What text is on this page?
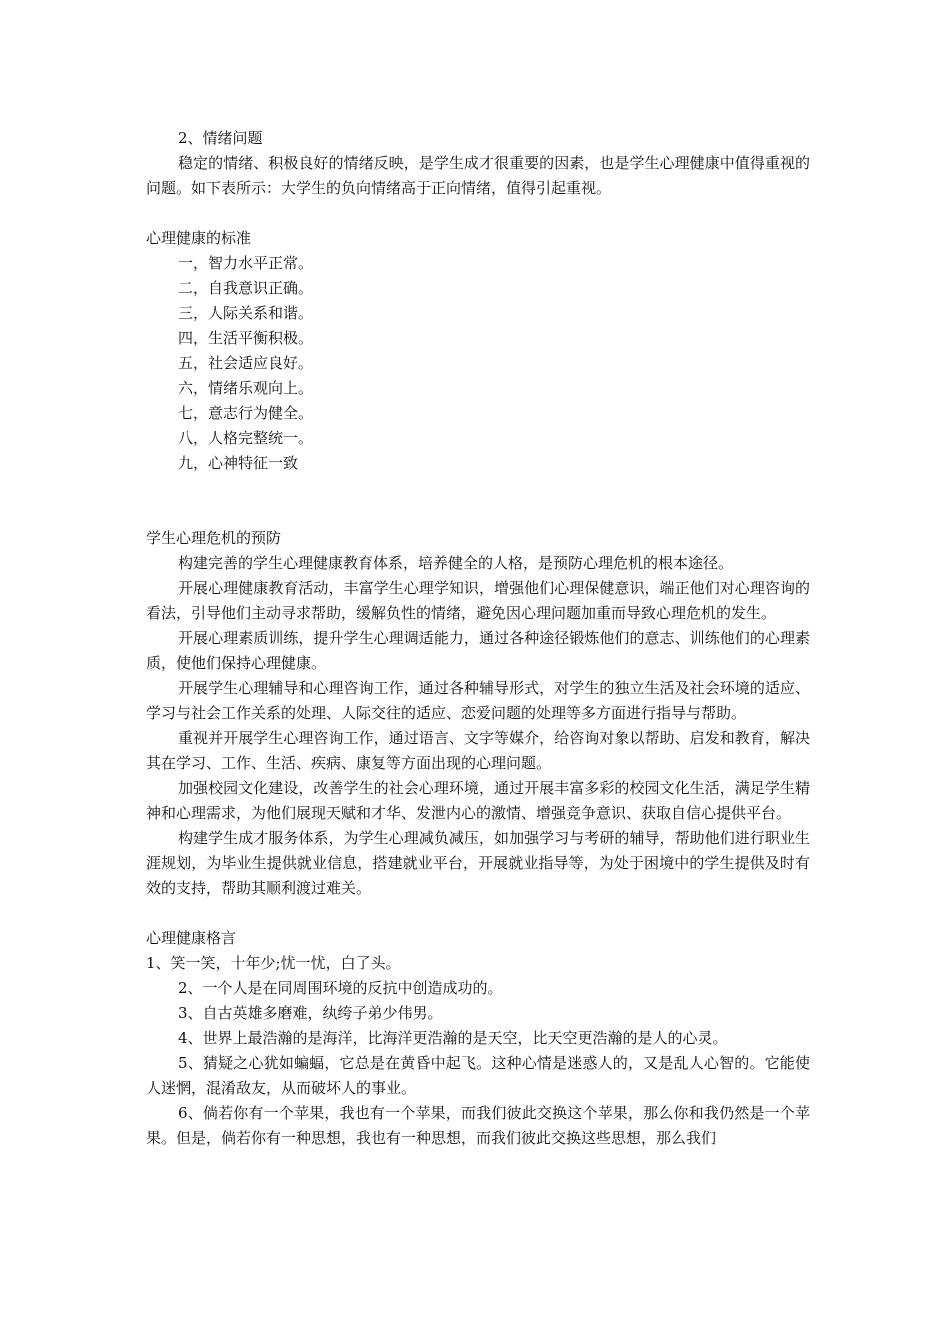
2、情绪问题

稳定的情绪、积极良好的情绪反映，是学生成才很重要的因素，也是学生心理健康中值得重视的问题。如下表所示：大学生的负向情绪高于正向情绪，值得引起重视。

心理健康的标准

一，智力水平正常。

二，自我意识正确。

三，人际关系和谐。

四，生活平衡积极。

五，社会适应良好。

六，情绪乐观向上。

七，意志行为健全。

八，人格完整统一。

九，心神特征一致

学生心理危机的预防

构建完善的学生心理健康教育体系，培养健全的人格，是预防心理危机的根本途径。

开展心理健康教育活动，丰富学生心理学知识，增强他们心理保健意识，端正他们对心理咨询的看法，引导他们主动寻求帮助，缓解负性的情绪，避免因心理问题加重而导致心理危机的发生。

开展心理素质训练，提升学生心理调适能力，通过各种途径锻炼他们的意志、训练他们的心理素质，使他们保持心理健康。

开展学生心理辅导和心理咨询工作，通过各种辅导形式，对学生的独立生活及社会环境的适应、学习与社会工作关系的处理、人际交往的适应、恋爱问题的处理等多方面进行指导与帮助。

重视并开展学生心理咨询工作，通过语言、文字等媒介，给咨询对象以帮助、启发和教育，解决其在学习、工作、生活、疾病、康复等方面出现的心理问题。

加强校园文化建设，改善学生的社会心理环境，通过开展丰富多彩的校园文化生活，满足学生精神和心理需求，为他们展现天赋和才华、发泄内心的激情、增强竞争意识、获取自信心提供平台。

构建学生成才服务体系，为学生心理减负减压，如加强学习与考研的辅导，帮助他们进行职业生涯规划，为毕业生提供就业信息，搭建就业平台，开展就业指导等，为处于困境中的学生提供及时有效的支持，帮助其顺利渡过难关。

心理健康格言

1、笑一笑，十年少;忧一忧，白了头。

2、一个人是在同周围环境的反抗中创造成功的。

3、自古英雄多磨难，纨绔子弟少伟男。

4、世界上最浩瀚的是海洋，比海洋更浩瀚的是天空，比天空更浩瀚的是人的心灵。

5、猜疑之心犹如蝙蝠，它总是在黄昏中起飞。这种心情是迷惑人的，又是乱人心智的。它能使人迷惘，混淆敌友，从而破坏人的事业。

6、倘若你有一个苹果，我也有一个苹果，而我们彼此交换这个苹果，那么你和我仍然是一个苹果。但是，倘若你有一种思想，我也有一种思想，而我们彼此交换这些思想，那么我们
